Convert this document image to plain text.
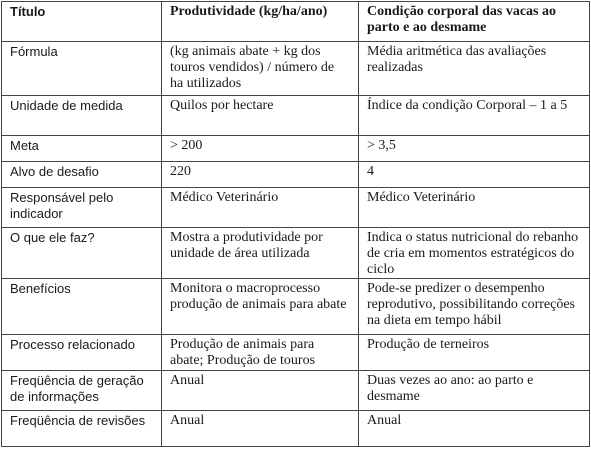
Título	Produtividade (kg/ha/ano)	Condição corporal das vacas ao parto e ao desmame
Fórmula	(kg animais abate + kg dos touros vendidos) / número de ha utilizados	Média aritmética das avaliações realizadas
Unidade de medida	Quilos por hectare	Índice da condição Corporal – 1 a 5
Meta	> 200	> 3,5
Alvo de desafio	220	4
Responsável pelo indicador	Médico Veterinário	Médico Veterinário
O que ele faz?	Mostra a produtividade por unidade de área utilizada	Indica o status nutricional do rebanho de cria em momentos estratégicos do ciclo
Benefícios	Monitora o macroprocesso produção de animais para abate	Pode-se predizer o desempenho reprodutivo, possibilitando correções na dieta em tempo hábil
Processo relacionado	Produção de animais para abate; Produção de touros	Produção de terneiros
Freqüência de geração de informações	Anual	Duas vezes ao ano: ao parto e desmame
Freqüência de revisões	Anual	Anual
